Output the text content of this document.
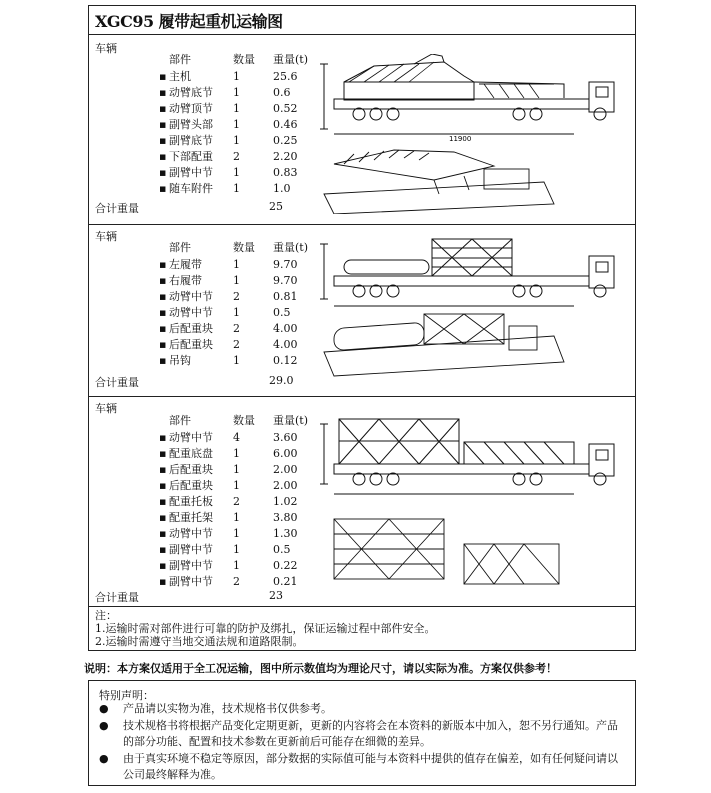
XGC95 履带起重机运输图
车辆
	部件	数量	重量(t)
▪	主机	1	25.6
▪	动臂底节	1	0.6
▪	动臂顶节	1	0.52
▪	副臂头部	1	0.46
▪	副臂底节	1	0.25
▪	下部配重	2	2.20
▪	副臂中节	1	0.83
▪	随车附件	1	1.0
合计重量	25
11900
车辆
	部件	数量	重量(t)
▪	左履带	1	9.70
▪	右履带	1	9.70
▪	动臂中节	2	0.81
▪	动臂中节	1	0.5
▪	后配重块	2	4.00
▪	后配重块	2	4.00
▪	吊钩	1	0.12
合计重量	29.0
车辆
	部件	数量	重量(t)
▪	动臂中节	4	3.60
▪	配重底盘	1	6.00
▪	后配重块	1	2.00
▪	后配重块	1	2.00
▪	配重托板	2	1.02
▪	配重托架	1	3.80
▪	动臂中节	1	1.30
▪	副臂中节	1	0.5
▪	副臂中节	1	0.22
▪	副臂中节	2	0.21
合计重量	23
注：
1.运输时需对部件进行可靠的防护及绑扎，保证运输过程中部件安全。
2.运输时需遵守当地交通法规和道路限制。
说明：本方案仅适用于全工况运输，图中所示数值均为理论尺寸，请以实际为准。方案仅供参考！
特别声明：
● 产品请以实物为准，技术规格书仅供参考。
● 技术规格书将根据产品变化定期更新，更新的内容将会在本资料的新版本中加入，恕不另行通知。产品的部分功能、配置和技术参数在更新前后可能存在细微的差异。
● 由于真实环境不稳定等原因，部分数据的实际值可能与本资料中提供的值存在偏差，如有任何疑问请以公司最终解释为准。
